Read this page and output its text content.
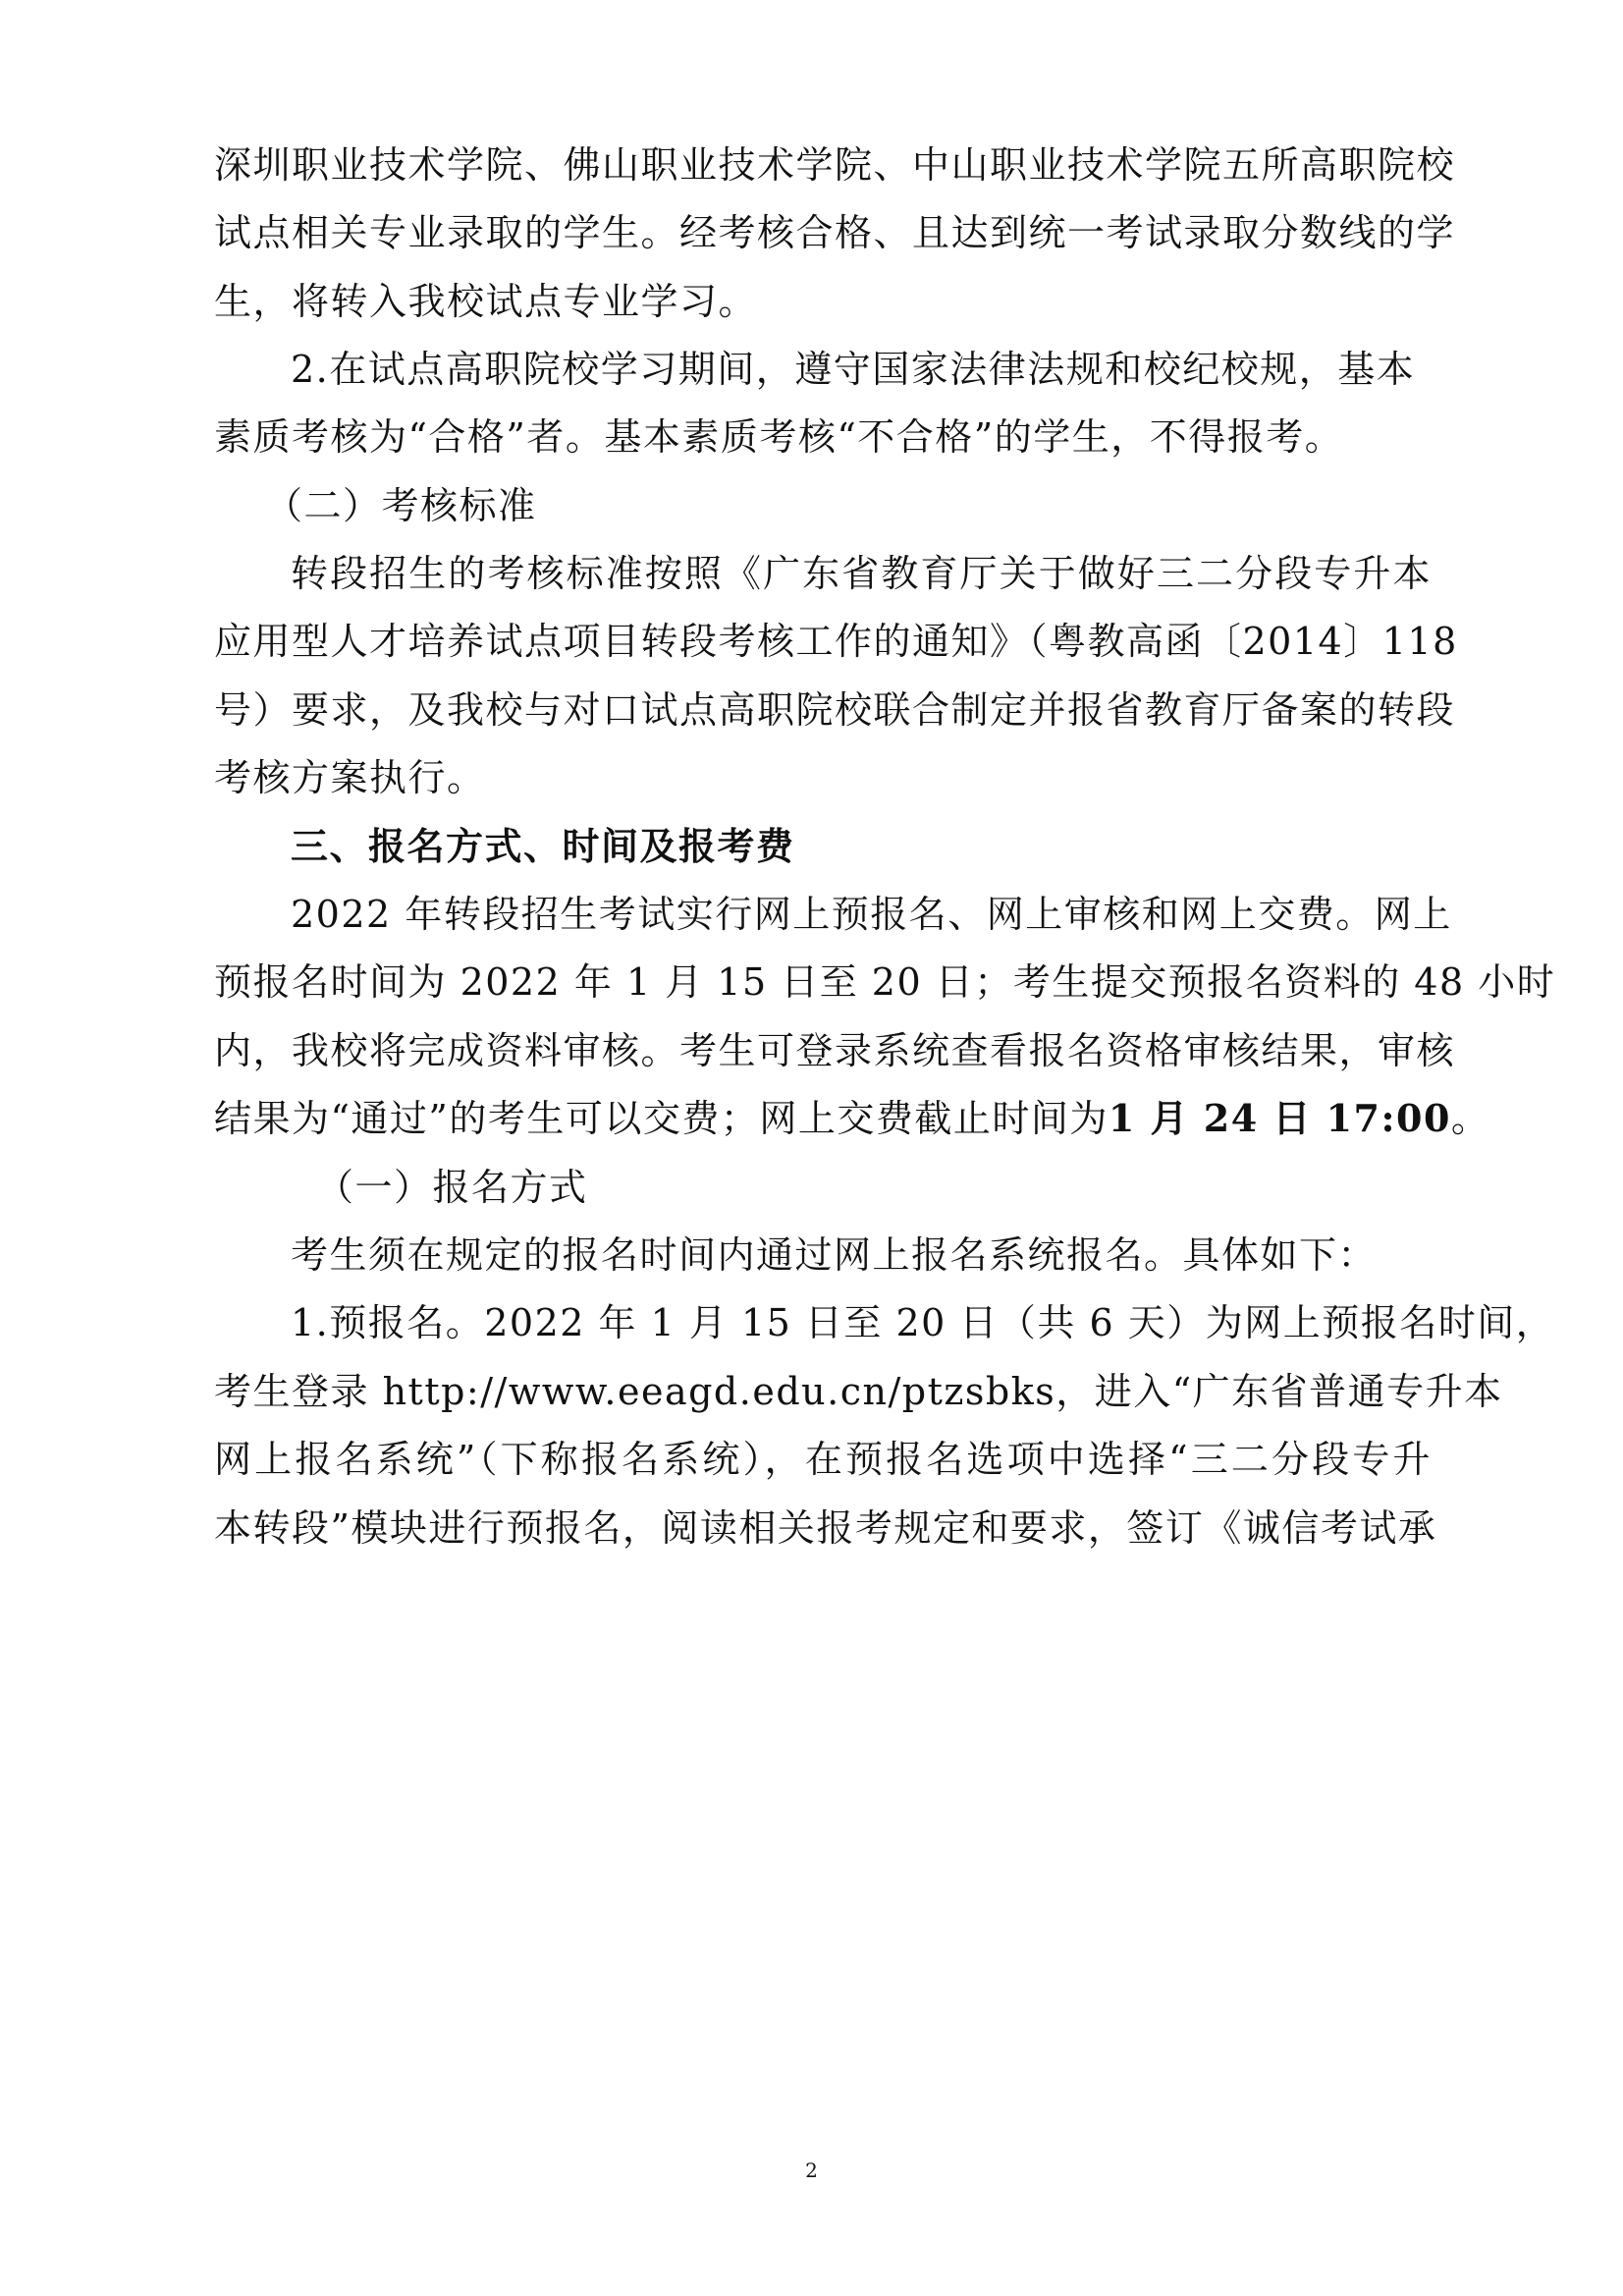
深圳职业技术学院、佛山职业技术学院、中山职业技术学院五所高职院校
试点相关专业录取的学生。经考核合格、且达到统一考试录取分数线的学
生，将转入我校试点专业学习。
2.在试点高职院校学习期间，遵守国家法律法规和校纪校规，基本
素质考核为“合格”者。基本素质考核“不合格”的学生，不得报考。
（二）考核标准
转段招生的考核标准按照《广东省教育厅关于做好三二分段专升本
应用型人才培养试点项目转段考核工作的通知》（粤教高函〔2014〕118
号）要求，及我校与对口试点高职院校联合制定并报省教育厅备案的转段
考核方案执行。
三、报名方式、时间及报考费
2022 年转段招生考试实行网上预报名、网上审核和网上交费。网上
预报名时间为 2022 年 1 月 15 日至 20 日；考生提交预报名资料的 48 小时
内，我校将完成资料审核。考生可登录系统查看报名资格审核结果，审核
结果为“通过”的考生可以交费；网上交费截止时间为1 月 24 日 17:00。
（一）报名方式
考生须在规定的报名时间内通过网上报名系统报名。具体如下：
1.预报名。2022 年 1 月 15 日至 20 日（共 6 天）为网上预报名时间，
考生登录 http://www.eeagd.edu.cn/ptzsbks，进入“广东省普通专升本
网上报名系统”（下称报名系统），在预报名选项中选择“三二分段专升
本转段”模块进行预报名，阅读相关报考规定和要求，签订《诚信考试承
2
